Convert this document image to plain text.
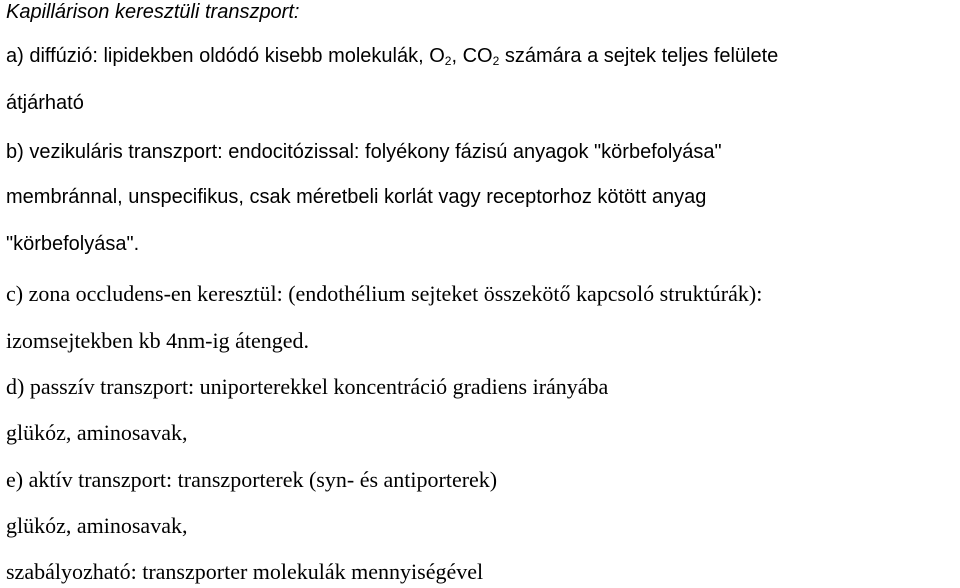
Kapillárison keresztüli transzport:
a) diffúzió: lipidekben oldódó kisebb molekulák, $O_2$, $CO_2$ számára a sejtek teljes felülete
átjárható
b) vezikuláris transzport: endocitózissal: folyékony fázisú anyagok "körbefolyása"
membránnal, unspecifikus, csak méretbeli korlát vagy receptorhoz kötött anyag
"körbefolyása".
c) zona occludens-en keresztül: (endothélium sejteket összekötő kapcsoló struktúrák):
izomsejtekben kb 4nm-ig átenged.
d) passzív transzport: uniporterekkel koncentráció gradiens irányába
glükóz, aminosavak,
e) aktív transzport: transzporterek (syn- és antiporterek)
glükóz, aminosavak,
szabályozható: transzporter molekulák mennyiségével
